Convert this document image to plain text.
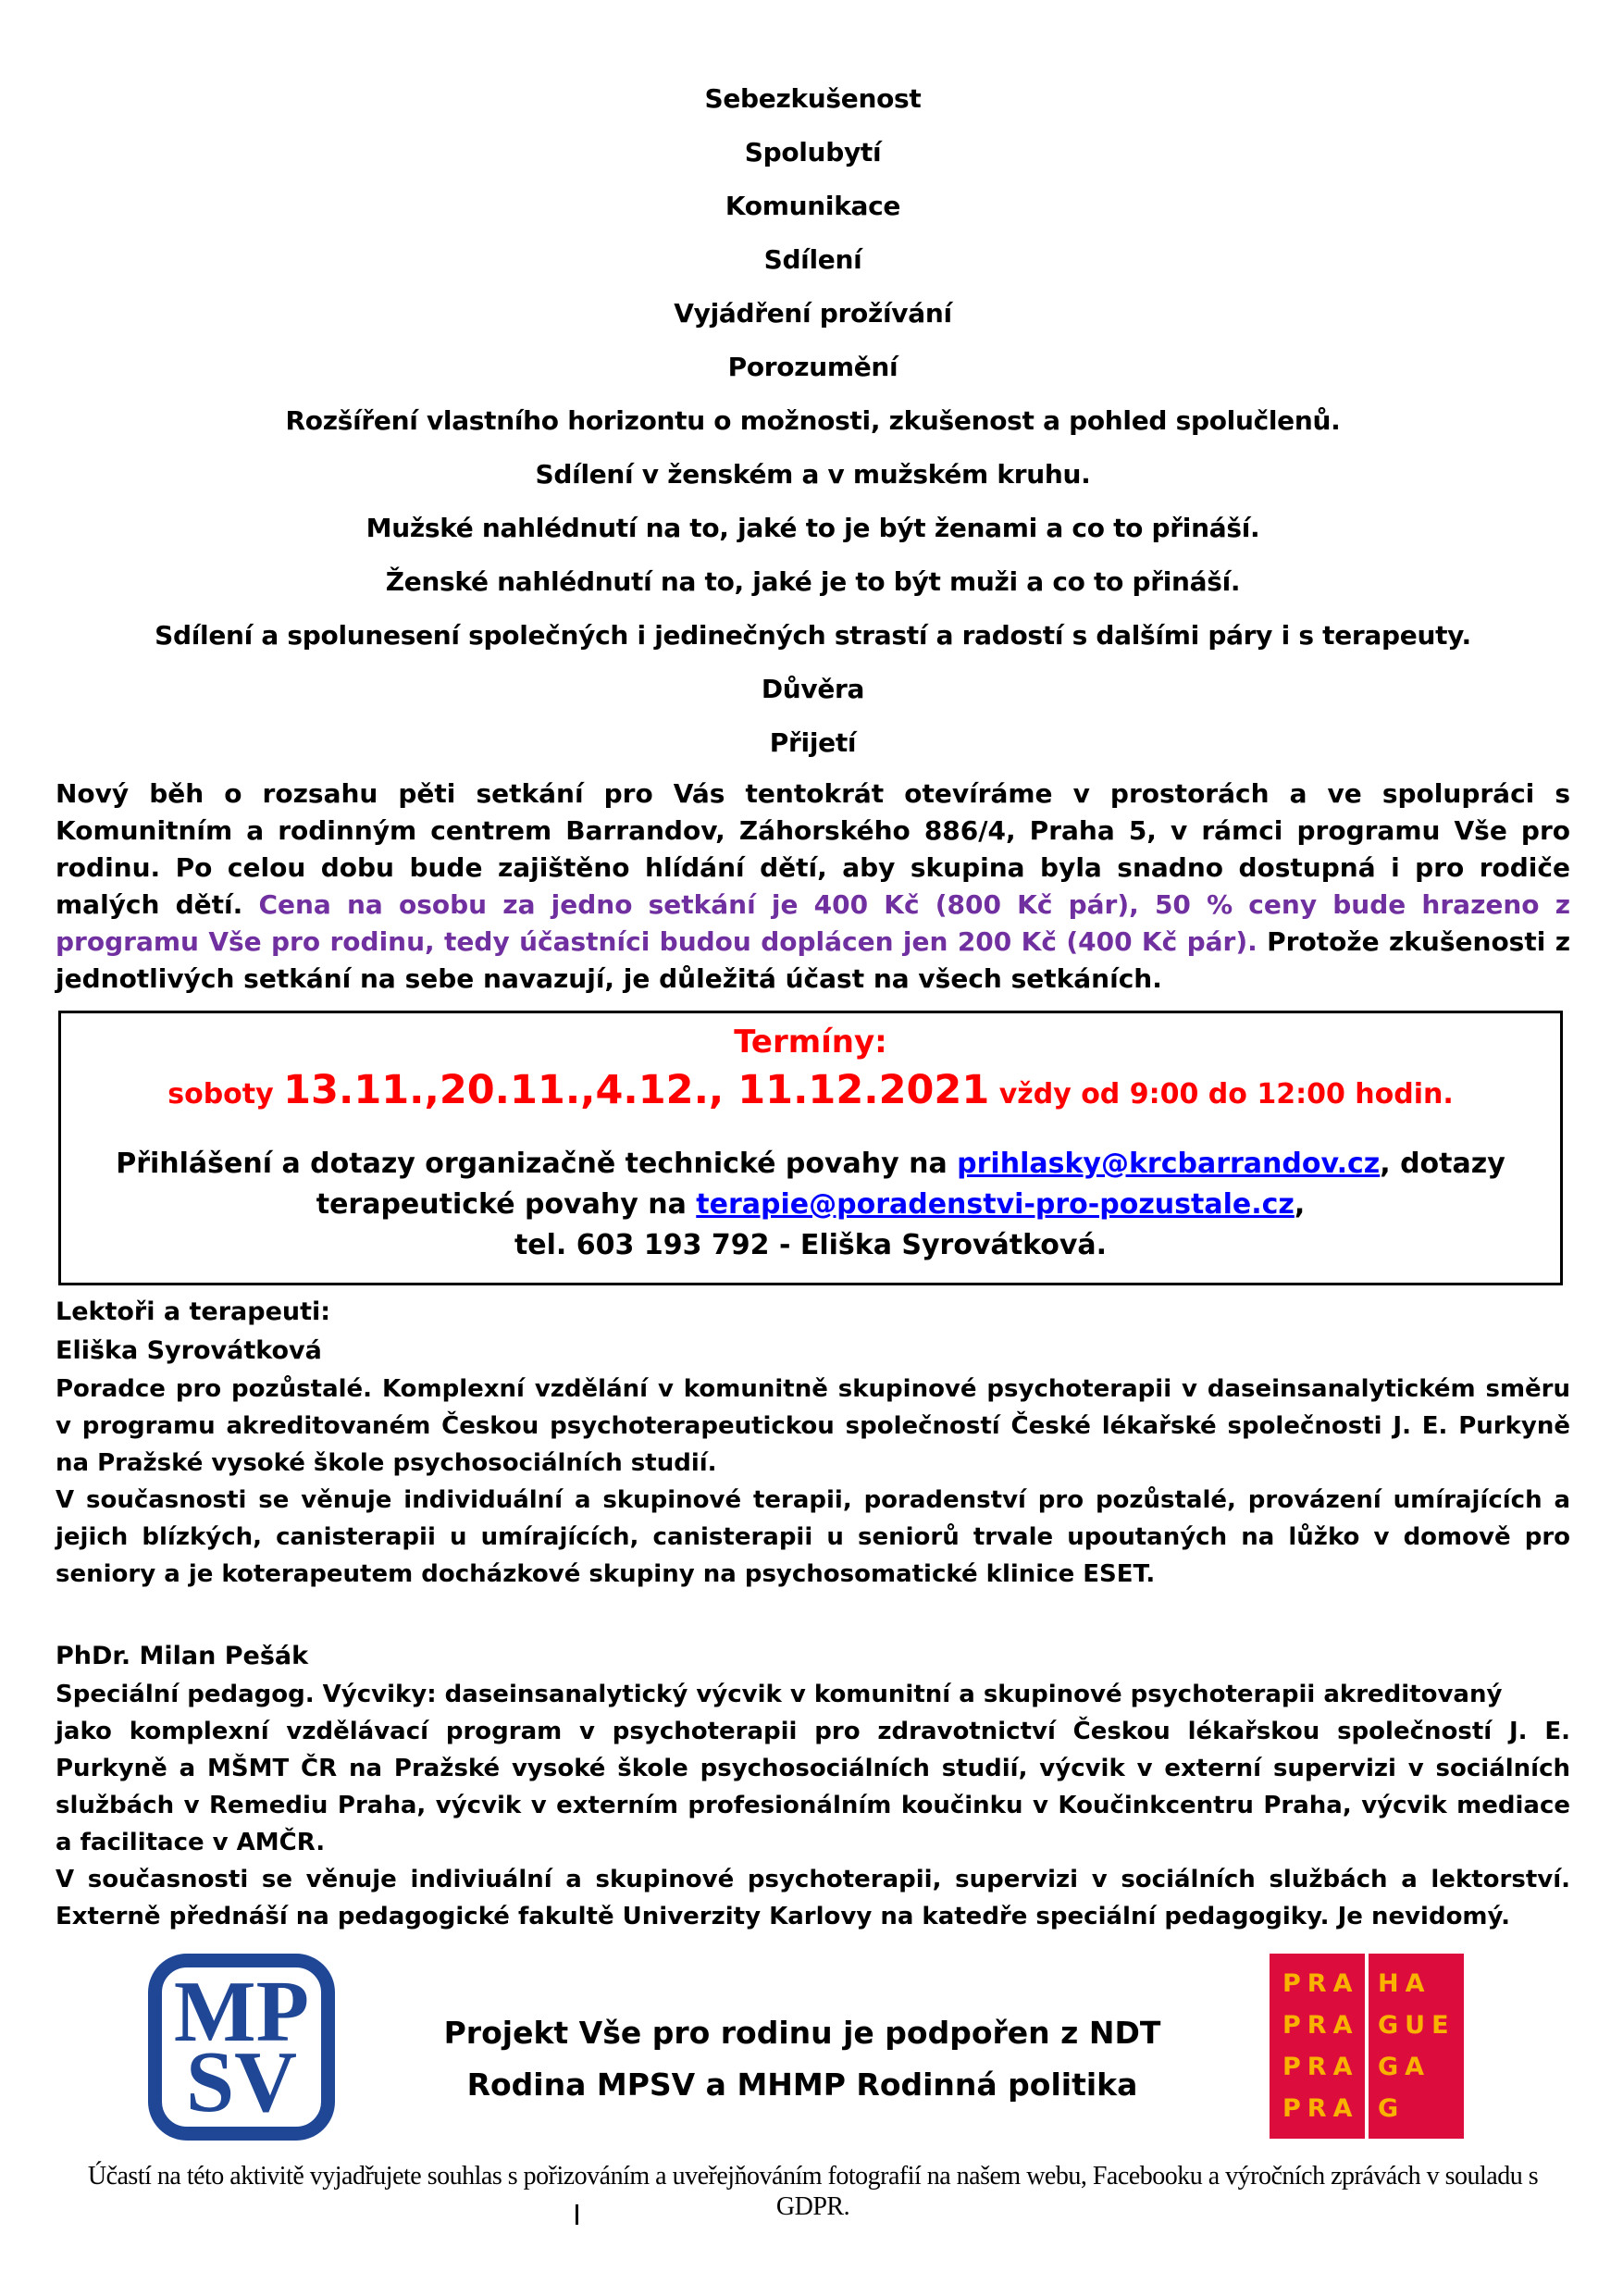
Sebezkušenost
Spolubytí
Komunikace
Sdílení
Vyjádření prožívání
Porozumění
Rozšíření vlastního horizontu o možnosti, zkušenost a pohled spolučlenů.
Sdílení v ženském a v mužském kruhu.
Mužské nahlédnutí na to, jaké to je být ženami a co to přináší.
Ženské nahlédnutí na to, jaké je to být muži a co to přináší.
Sdílení a spolunesení společných i jedinečných strastí a radostí s dalšími páry i s terapeuty.
Důvěra
Přijetí

Nový běh o rozsahu pěti setkání pro Vás tentokrát otevíráme v prostorách a ve spolupráci s Komunitním a rodinným centrem Barrandov, Záhorského 886/4, Praha 5, v rámci programu Vše pro rodinu. Po celou dobu bude zajištěno hlídání dětí, aby skupina byla snadno dostupná i pro rodiče malých dětí. Cena na osobu za jedno setkání je 400 Kč (800 Kč pár), 50 % ceny bude hrazeno z programu Vše pro rodinu, tedy účastníci budou doplácen jen 200 Kč (400 Kč pár). Protože zkušenosti z jednotlivých setkání na sebe navazují, je důležitá účast na všech setkáních.

Termíny:
soboty 13.11.,20.11.,4.12., 11.12.2021 vždy od 9:00 do 12:00 hodin.
Přihlášení a dotazy organizačně technické povahy na prihlasky@krcbarrandov.cz, dotazy
terapeutické povahy na terapie@poradenstvi-pro-pozustale.cz,
tel. 603 193 792 - Eliška Syrovátková.
Lektoři a terapeuti:
Eliška Syrovátková

Poradce pro pozůstalé. Komplexní vzdělání v komunitně skupinové psychoterapii v daseinsanalytickém směru v programu akreditovaném Českou psychoterapeutickou společností České lékařské společnosti J. E. Purkyně na Pražské vysoké škole psychosociálních studií.

V současnosti se věnuje individuální a skupinové terapii, poradenství pro pozůstalé, provázení umírajících a jejich blízkých, canisterapii u umírajících, canisterapii u seniorů trvale upoutaných na lůžko v domově pro seniory a je koterapeutem docházkové skupiny na psychosomatické klinice ESET.

PhDr. Milan Pešák

Speciální pedagog. Výcviky: daseinsanalytický výcvik v komunitní a skupinové psychoterapii akreditovaný

jako komplexní vzdělávací program v psychoterapii pro zdravotnictví Českou lékařskou společností J. E. Purkyně a MŠMT ČR na Pražské vysoké škole psychosociálních studií, výcvik v externí supervizi v sociálních službách v Remediu Praha, výcvik v externím profesionálním koučinku v Koučinkcentru Praha, výcvik mediace a facilitace v AMČR.

V současnosti se věnuje indiviuální a skupinové psychoterapii, supervizi v sociálních službách a lektorství. Externě přednáší na pedagogické fakultě Univerzity Karlovy na katedře speciální pedagogiky. Je nevidomý.

MP
SV
Projekt Vše pro rodinu je podpořen z NDT
Rodina MPSV a MHMP Rodinná politika
PRA
PRA
PRA
PRA
HA
GUE
GA
G
Účastí na této aktivitě vyjadřujete souhlas s pořizováním a uveřejňováním fotografií na našem webu, Facebooku a výročních zprávách v souladu s GDPR.
